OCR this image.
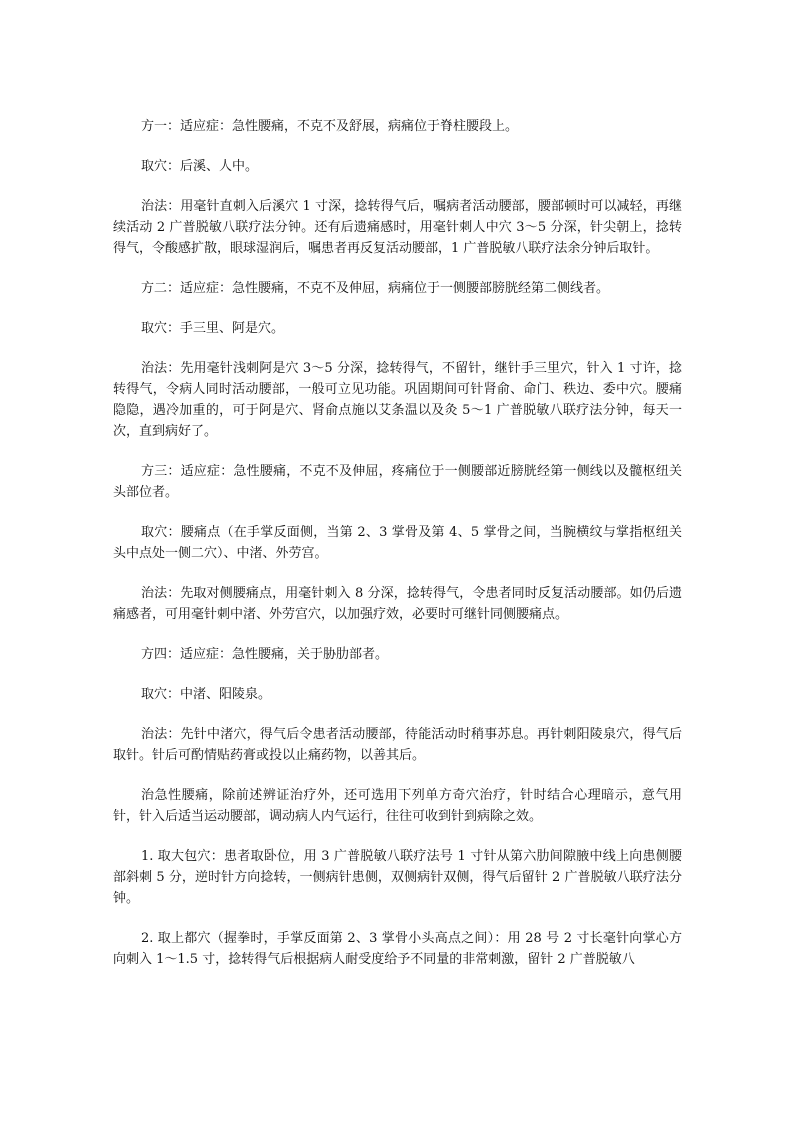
方一：适应症：急性腰痛，不克不及舒展，病痛位于脊柱腰段上。

取穴：后溪、人中。

治法：用毫针直刺入后溪穴 1 寸深，捻转得气后，嘱病者活动腰部，腰部顿时可以减轻，再继续活动 2 广普脱敏八联疗法分钟。还有后遗痛感时，用毫针刺人中穴 3～5 分深，针尖朝上，捻转得气，令酸感扩散，眼球湿润后，嘱患者再反复活动腰部，1 广普脱敏八联疗法余分钟后取针。

方二：适应症：急性腰痛，不克不及伸屈，病痛位于一侧腰部膀胱经第二侧线者。

取穴：手三里、阿是穴。

治法：先用毫针浅刺阿是穴 3～5 分深，捻转得气，不留针，继针手三里穴，针入 1 寸许，捻转得气，令病人同时活动腰部，一般可立见功能。巩固期间可针肾俞、命门、秩边、委中穴。腰痛隐隐，遇冷加重的，可于阿是穴、肾俞点施以艾条温以及灸 5～1 广普脱敏八联疗法分钟，每天一次，直到病好了。

方三：适应症：急性腰痛，不克不及伸屈，疼痛位于一侧腰部近膀胱经第一侧线以及髋枢纽关头部位者。

取穴：腰痛点（在手掌反面侧，当第 2、3 掌骨及第 4、5 掌骨之间，当腕横纹与掌指枢纽关头中点处一侧二穴）、中渚、外劳宫。

治法：先取对侧腰痛点，用毫针刺入 8 分深，捻转得气，令患者同时反复活动腰部。如仍后遗痛感者，可用毫针刺中渚、外劳宫穴，以加强疗效，必要时可继针同侧腰痛点。

方四：适应症：急性腰痛，关于胁肋部者。

取穴：中渚、阳陵泉。

治法：先针中渚穴，得气后令患者活动腰部，待能活动时稍事苏息。再针刺阳陵泉穴，得气后取针。针后可酌情贴药膏或投以止痛药物，以善其后。

治急性腰痛，除前述辨证治疗外，还可选用下列单方奇穴治疗，针时结合心理暗示，意气用针，针入后适当运动腰部，调动病人内气运行，往往可收到针到病除之效。

1. 取大包穴：患者取卧位，用 3 广普脱敏八联疗法号 1 寸针从第六肋间隙腋中线上向患侧腰部斜刺 5 分，逆时针方向捻转，一侧病针患侧，双侧病针双侧，得气后留针 2 广普脱敏八联疗法分钟。

2. 取上都穴（握拳时，手掌反面第 2、3 掌骨小头高点之间）：用 28 号 2 寸长毫针向掌心方向刺入 1～1.5 寸，捻转得气后根据病人耐受度给予不同量的非常刺激，留针 2 广普脱敏八
